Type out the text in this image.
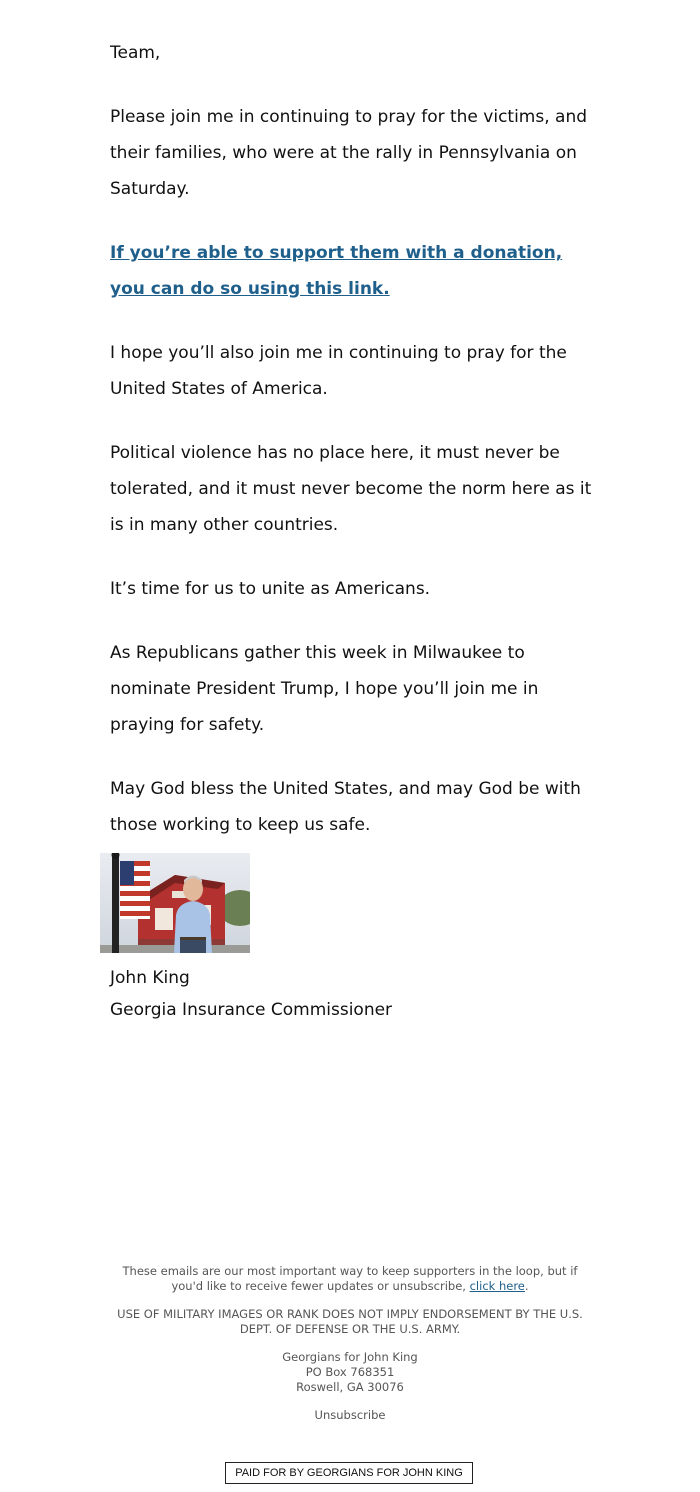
Team,

Please join me in continuing to pray for the victims, and their families, who were at the rally in Pennsylvania on Saturday.

If you’re able to support them with a donation, you can do so using this link.

I hope you’ll also join me in continuing to pray for the United States of America.

Political violence has no place here, it must never be tolerated, and it must never become the norm here as it is in many other countries.

It’s time for us to unite as Americans.

As Republicans gather this week in Milwaukee to nominate President Trump, I hope you’ll join me in praying for safety.

May God bless the United States, and may God be with those working to keep us safe.

John King
Georgia Insurance Commissioner
These emails are our most important way to keep supporters in the loop, but if you'd like to receive fewer updates or unsubscribe, click here.
USE OF MILITARY IMAGES OR RANK DOES NOT IMPLY ENDORSEMENT BY THE U.S. DEPT. OF DEFENSE OR THE U.S. ARMY.
Georgians for John King
PO Box 768351
Roswell, GA 30076
Unsubscribe
PAID FOR BY GEORGIANS FOR JOHN KING
